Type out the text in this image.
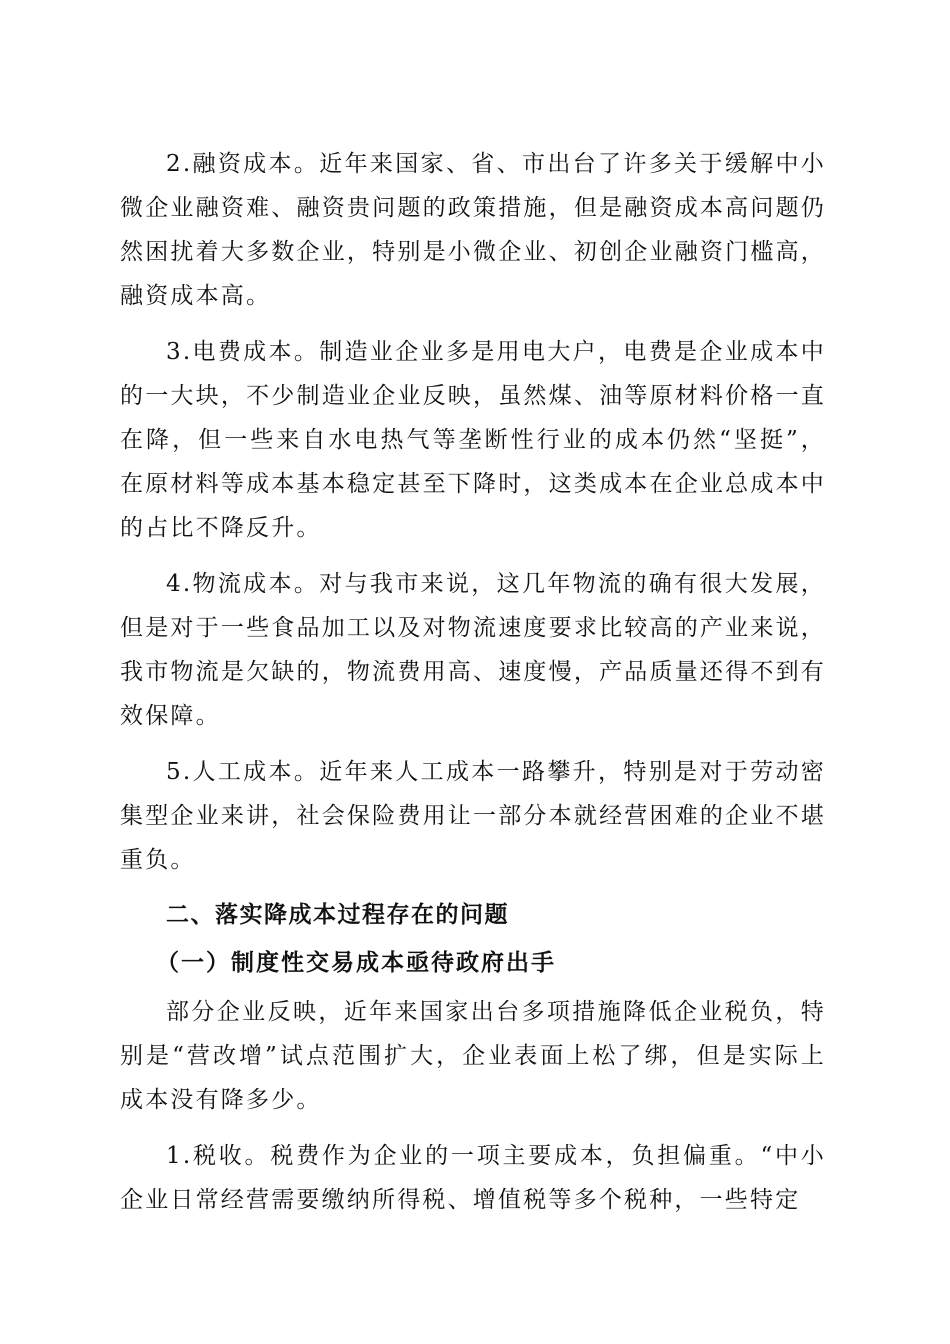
2.融资成本。近年来国家、省、市出台了许多关于缓解中小微企业融资难、融资贵问题的政策措施，但是融资成本高问题仍然困扰着大多数企业，特别是小微企业、初创企业融资门槛高，融资成本高。

3.电费成本。制造业企业多是用电大户，电费是企业成本中的一大块，不少制造业企业反映，虽然煤、油等原材料价格一直在降，但一些来自水电热气等垄断性行业的成本仍然“坚挺”，在原材料等成本基本稳定甚至下降时，这类成本在企业总成本中的占比不降反升。

4.物流成本。对与我市来说，这几年物流的确有很大发展，但是对于一些食品加工以及对物流速度要求比较高的产业来说，我市物流是欠缺的，物流费用高、速度慢，产品质量还得不到有效保障。

5.人工成本。近年来人工成本一路攀升，特别是对于劳动密集型企业来讲，社会保险费用让一部分本就经营困难的企业不堪重负。

二、落实降成本过程存在的问题
（一）制度性交易成本亟待政府出手

部分企业反映，近年来国家出台多项措施降低企业税负，特别是“营改增”试点范围扩大，企业表面上松了绑，但是实际上成本没有降多少。

1.税收。税费作为企业的一项主要成本，负担偏重。“中小企业日常经营需要缴纳所得税、增值税等多个税种，一些特定
